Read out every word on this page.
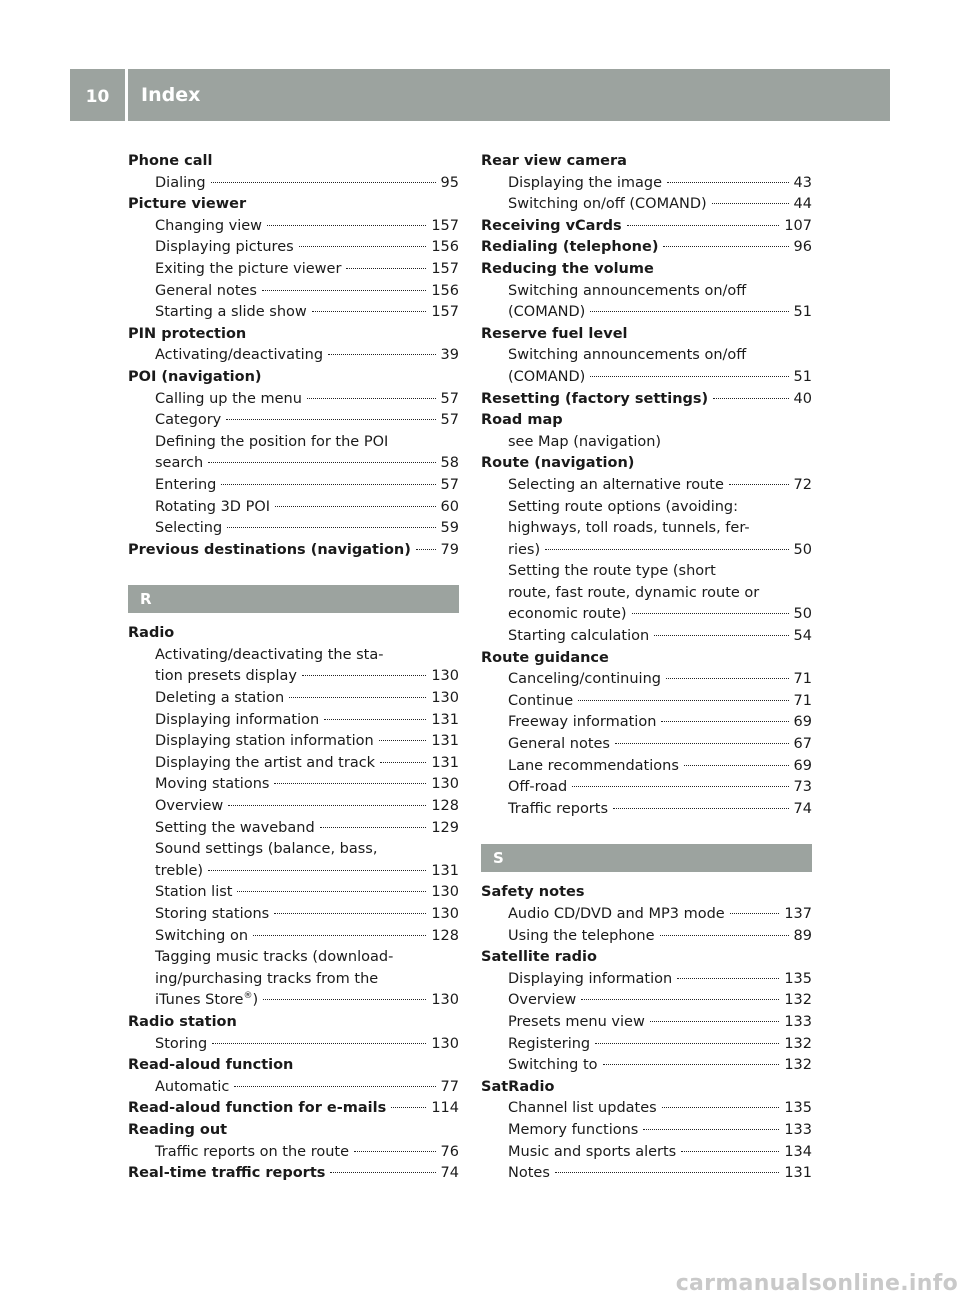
10	Index
Phone call
Dialing	95
Picture viewer
Changing view	157
Displaying pictures	156
Exiting the picture viewer	157
General notes	156
Starting a slide show	157
PIN protection
Activating/deactivating	39
POI (navigation)
Calling up the menu	57
Category	57
Defining the position for the POI
search	58
Entering	57
Rotating 3D POI	60
Selecting	59
Previous destinations (navigation) 79
R
Radio
Activating/deactivating the sta-
tion presets display	130
Deleting a station	130
Displaying information	131
Displaying station information	131
Displaying the artist and track	131
Moving stations	130
Overview	128
Setting the waveband	129
Sound settings (balance, bass,
treble)	131
Station list	130
Storing stations	130
Switching on	128
Tagging music tracks (download-
ing/purchasing tracks from the
iTunes Store®)	130
Radio station
Storing	130
Read-aloud function
Automatic	77
Read-aloud function for e-mails	114
Reading out
Traffic reports on the route	76
Real-time traffic reports	74
Rear view camera
Displaying the image	43
Switching on/off (COMAND)	44
Receiving vCards	107
Redialing (telephone)	96
Reducing the volume
Switching announcements on/off
(COMAND)	51
Reserve fuel level
Switching announcements on/off
(COMAND)	51
Resetting (factory settings)	40
Road map
see Map (navigation)
Route (navigation)
Selecting an alternative route	72
Setting route options (avoiding:
highways, toll roads, tunnels, fer-
ries)	50
Setting the route type (short
route, fast route, dynamic route or
economic route)	50
Starting calculation	54
Route guidance
Canceling/continuing	71
Continue	71
Freeway information	69
General notes	67
Lane recommendations	69
Off-road	73
Traffic reports	74
S
Safety notes
Audio CD/DVD and MP3 mode	137
Using the telephone	89
Satellite radio
Displaying information	135
Overview	132
Presets menu view	133
Registering	132
Switching to	132
SatRadio
Channel list updates	135
Memory functions	133
Music and sports alerts	134
Notes	131
carmanualsonline.info
